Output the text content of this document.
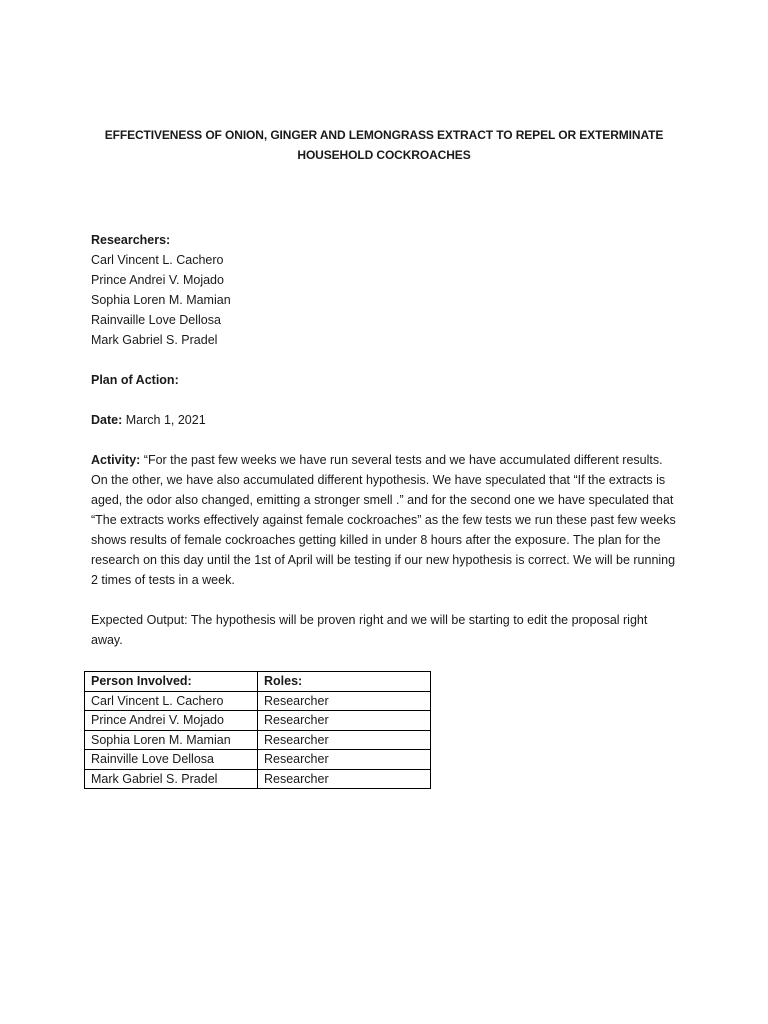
EFFECTIVENESS OF ONION, GINGER AND LEMONGRASS EXTRACT TO REPEL OR EXTERMINATE
HOUSEHOLD COCKROACHES
Researchers:
Carl Vincent L. Cachero
Prince Andrei V. Mojado
Sophia Loren M. Mamian
Rainvaille Love Dellosa
Mark Gabriel S. Pradel
Plan of Action:
Date: March 1, 2021
Activity: “For the past few weeks we have run several tests and we have accumulated different results. On the other, we have also accumulated different hypothesis. We have speculated that “If the extracts is aged, the odor also changed, emitting a stronger smell .” and for the second one we have speculated that “The extracts works effectively against female cockroaches” as the few tests we run these past few weeks shows results of female cockroaches getting killed in under 8 hours after the exposure. The plan for the research on this day until the 1st of April will be testing if our new hypothesis is correct. We will be running 2 times of tests in a week.
Expected Output: The hypothesis will be proven right and we will be starting to edit the proposal right away.
Person Involved:	Roles:
Carl Vincent L. Cachero	Researcher
Prince Andrei V. Mojado	Researcher
Sophia Loren M. Mamian	Researcher
Rainville Love Dellosa	Researcher
Mark Gabriel S. Pradel	Researcher
